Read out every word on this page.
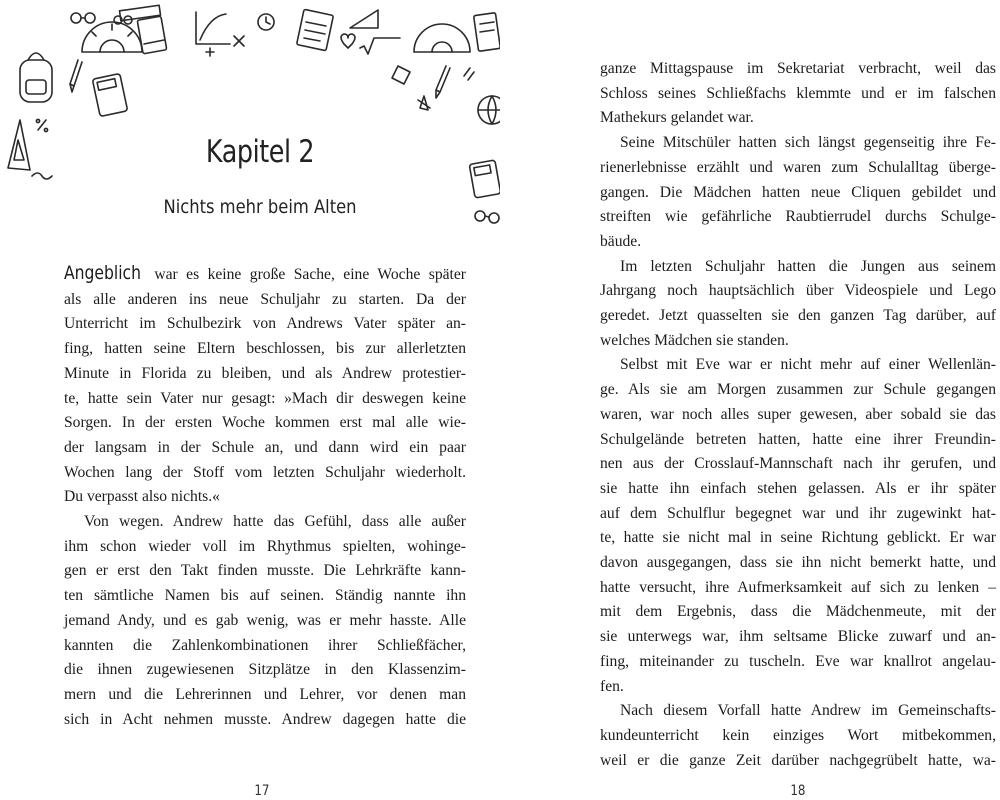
Kapitel 2
Nichts mehr beim Alten
Angeblich war es keine große Sache, eine Woche später
als alle anderen ins neue Schuljahr zu starten. Da der
Unterricht im Schulbezirk von Andrews Vater später an-
fing, hatten seine Eltern beschlossen, bis zur allerletzten
Minute in Florida zu bleiben, und als Andrew protestier-
te, hatte sein Vater nur gesagt: »Mach dir deswegen keine
Sorgen. In der ersten Woche kommen erst mal alle wie-
der langsam in der Schule an, und dann wird ein paar
Wochen lang der Stoff vom letzten Schuljahr wiederholt.
Du verpasst also nichts.«
Von wegen. Andrew hatte das Gefühl, dass alle außer
ihm schon wieder voll im Rhythmus spielten, wohinge-
gen er erst den Takt finden musste. Die Lehrkräfte kann-
ten sämtliche Namen bis auf seinen. Ständig nannte ihn
jemand Andy, und es gab wenig, was er mehr hasste. Alle
kannten die Zahlenkombinationen ihrer Schließfächer,
die ihnen zugewiesenen Sitzplätze in den Klassenzim-
mern und die Lehrerinnen und Lehrer, vor denen man
sich in Acht nehmen musste. Andrew dagegen hatte die
17
ganze Mittagspause im Sekretariat verbracht, weil das
Schloss seines Schließfachs klemmte und er im falschen
Mathekurs gelandet war.
Seine Mitschüler hatten sich längst gegenseitig ihre Fe-
rienerlebnisse erzählt und waren zum Schulalltag überge-
gangen. Die Mädchen hatten neue Cliquen gebildet und
streiften wie gefährliche Raubtierrudel durchs Schulge-
bäude.
Im letzten Schuljahr hatten die Jungen aus seinem
Jahrgang noch hauptsächlich über Videospiele und Lego
geredet. Jetzt quasselten sie den ganzen Tag darüber, auf
welches Mädchen sie standen.
Selbst mit Eve war er nicht mehr auf einer Wellenlän-
ge. Als sie am Morgen zusammen zur Schule gegangen
waren, war noch alles super gewesen, aber sobald sie das
Schulgelände betreten hatten, hatte eine ihrer Freundin-
nen aus der Crosslauf-Mannschaft nach ihr gerufen, und
sie hatte ihn einfach stehen gelassen. Als er ihr später
auf dem Schulflur begegnet war und ihr zugewinkt hat-
te, hatte sie nicht mal in seine Richtung geblickt. Er war
davon ausgegangen, dass sie ihn nicht bemerkt hatte, und
hatte versucht, ihre Aufmerksamkeit auf sich zu lenken –
mit dem Ergebnis, dass die Mädchenmeute, mit der
sie unterwegs war, ihm seltsame Blicke zuwarf und an-
fing, miteinander zu tuscheln. Eve war knallrot angelau-
fen.
Nach diesem Vorfall hatte Andrew im Gemeinschafts-
kundeunterricht kein einziges Wort mitbekommen,
weil er die ganze Zeit darüber nachgegrübelt hatte, wa-
18
